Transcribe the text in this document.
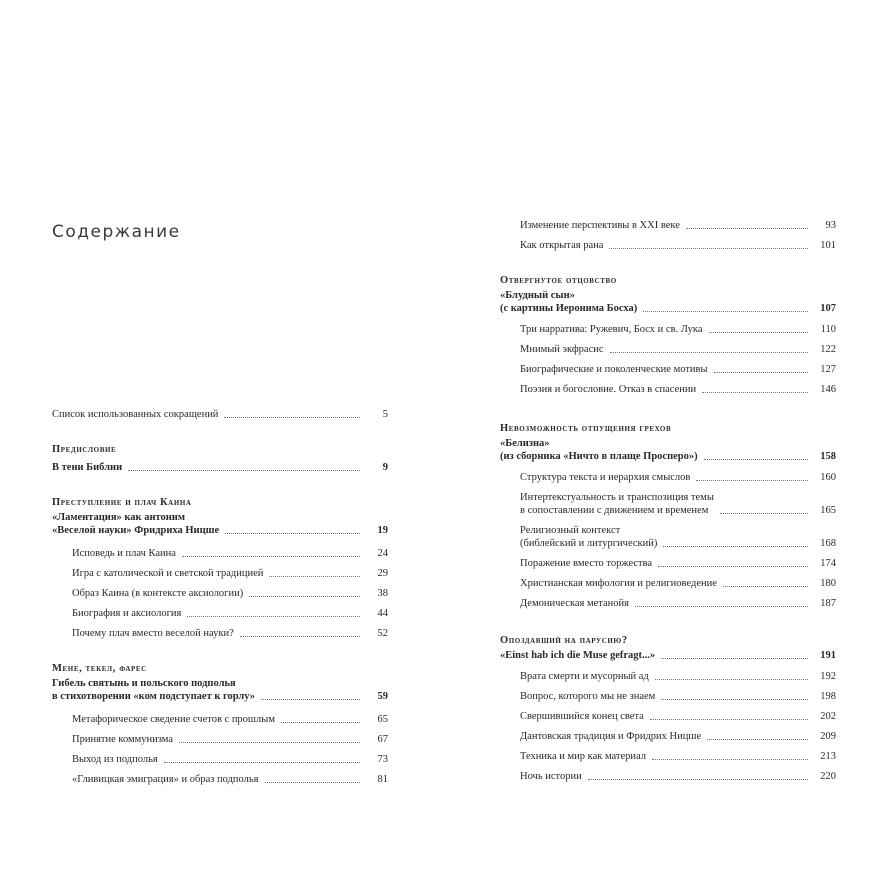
Содержание
Список использованных сокращений	5
Предисловие
В тени Библии	9
Преступление и плач Каина
«Ламентация» как антоним
«Веселой науки» Фридриха Ницше	19
Исповедь и плач Каина	24
Игра с католической и светской традицией	29
Образ Каина (в контексте аксиологии)	38
Биография и аксиология	44
Почему плач вместо веселой науки?	52
Мене, текел, фарес
Гибель святынь и польского подполья
в стихотворении «ком подступает к горлу»	59
Метафорическое сведение счетов с прошлым	65
Принятие коммунизма	67
Выход из подполья	73
«Гливицкая эмиграция» и образ подполья	81
Изменение перспективы в XXI веке	93
Как открытая рана	101
Отвергнутое отцовство
«Блудный сын»
(с картины Иеронима Босха)	107
Три нарратива: Ружевич, Босх и св. Лука	110
Мнимый экфрасис	122
Биографические и поколенческие мотивы	127
Поэзия и богословие. Отказ в спасении	146
Невозможность отпущения грехов
«Белизна»
(из сборника «Ничто в плаще Просперо»)	158
Структура текста и иерархия смыслов	160
Интертекстуальность и транспозиция темы
в сопоставлении с движением и временем	165
Религиозный контекст
(библейский и литургический)	168
Поражение вместо торжества	174
Христианская мифология и религиоведение	180
Демоническая метанойя	187
Опоздавший на парусию?
«Einst hab ich die Muse gefragt...»	191
Врата смерти и мусорный ад	192
Вопрос, которого мы не знаем	198
Свершившийся конец света	202
Дантовская традиция и Фридрих Ницше	209
Техника и мир как материал	213
Ночь истории	220
